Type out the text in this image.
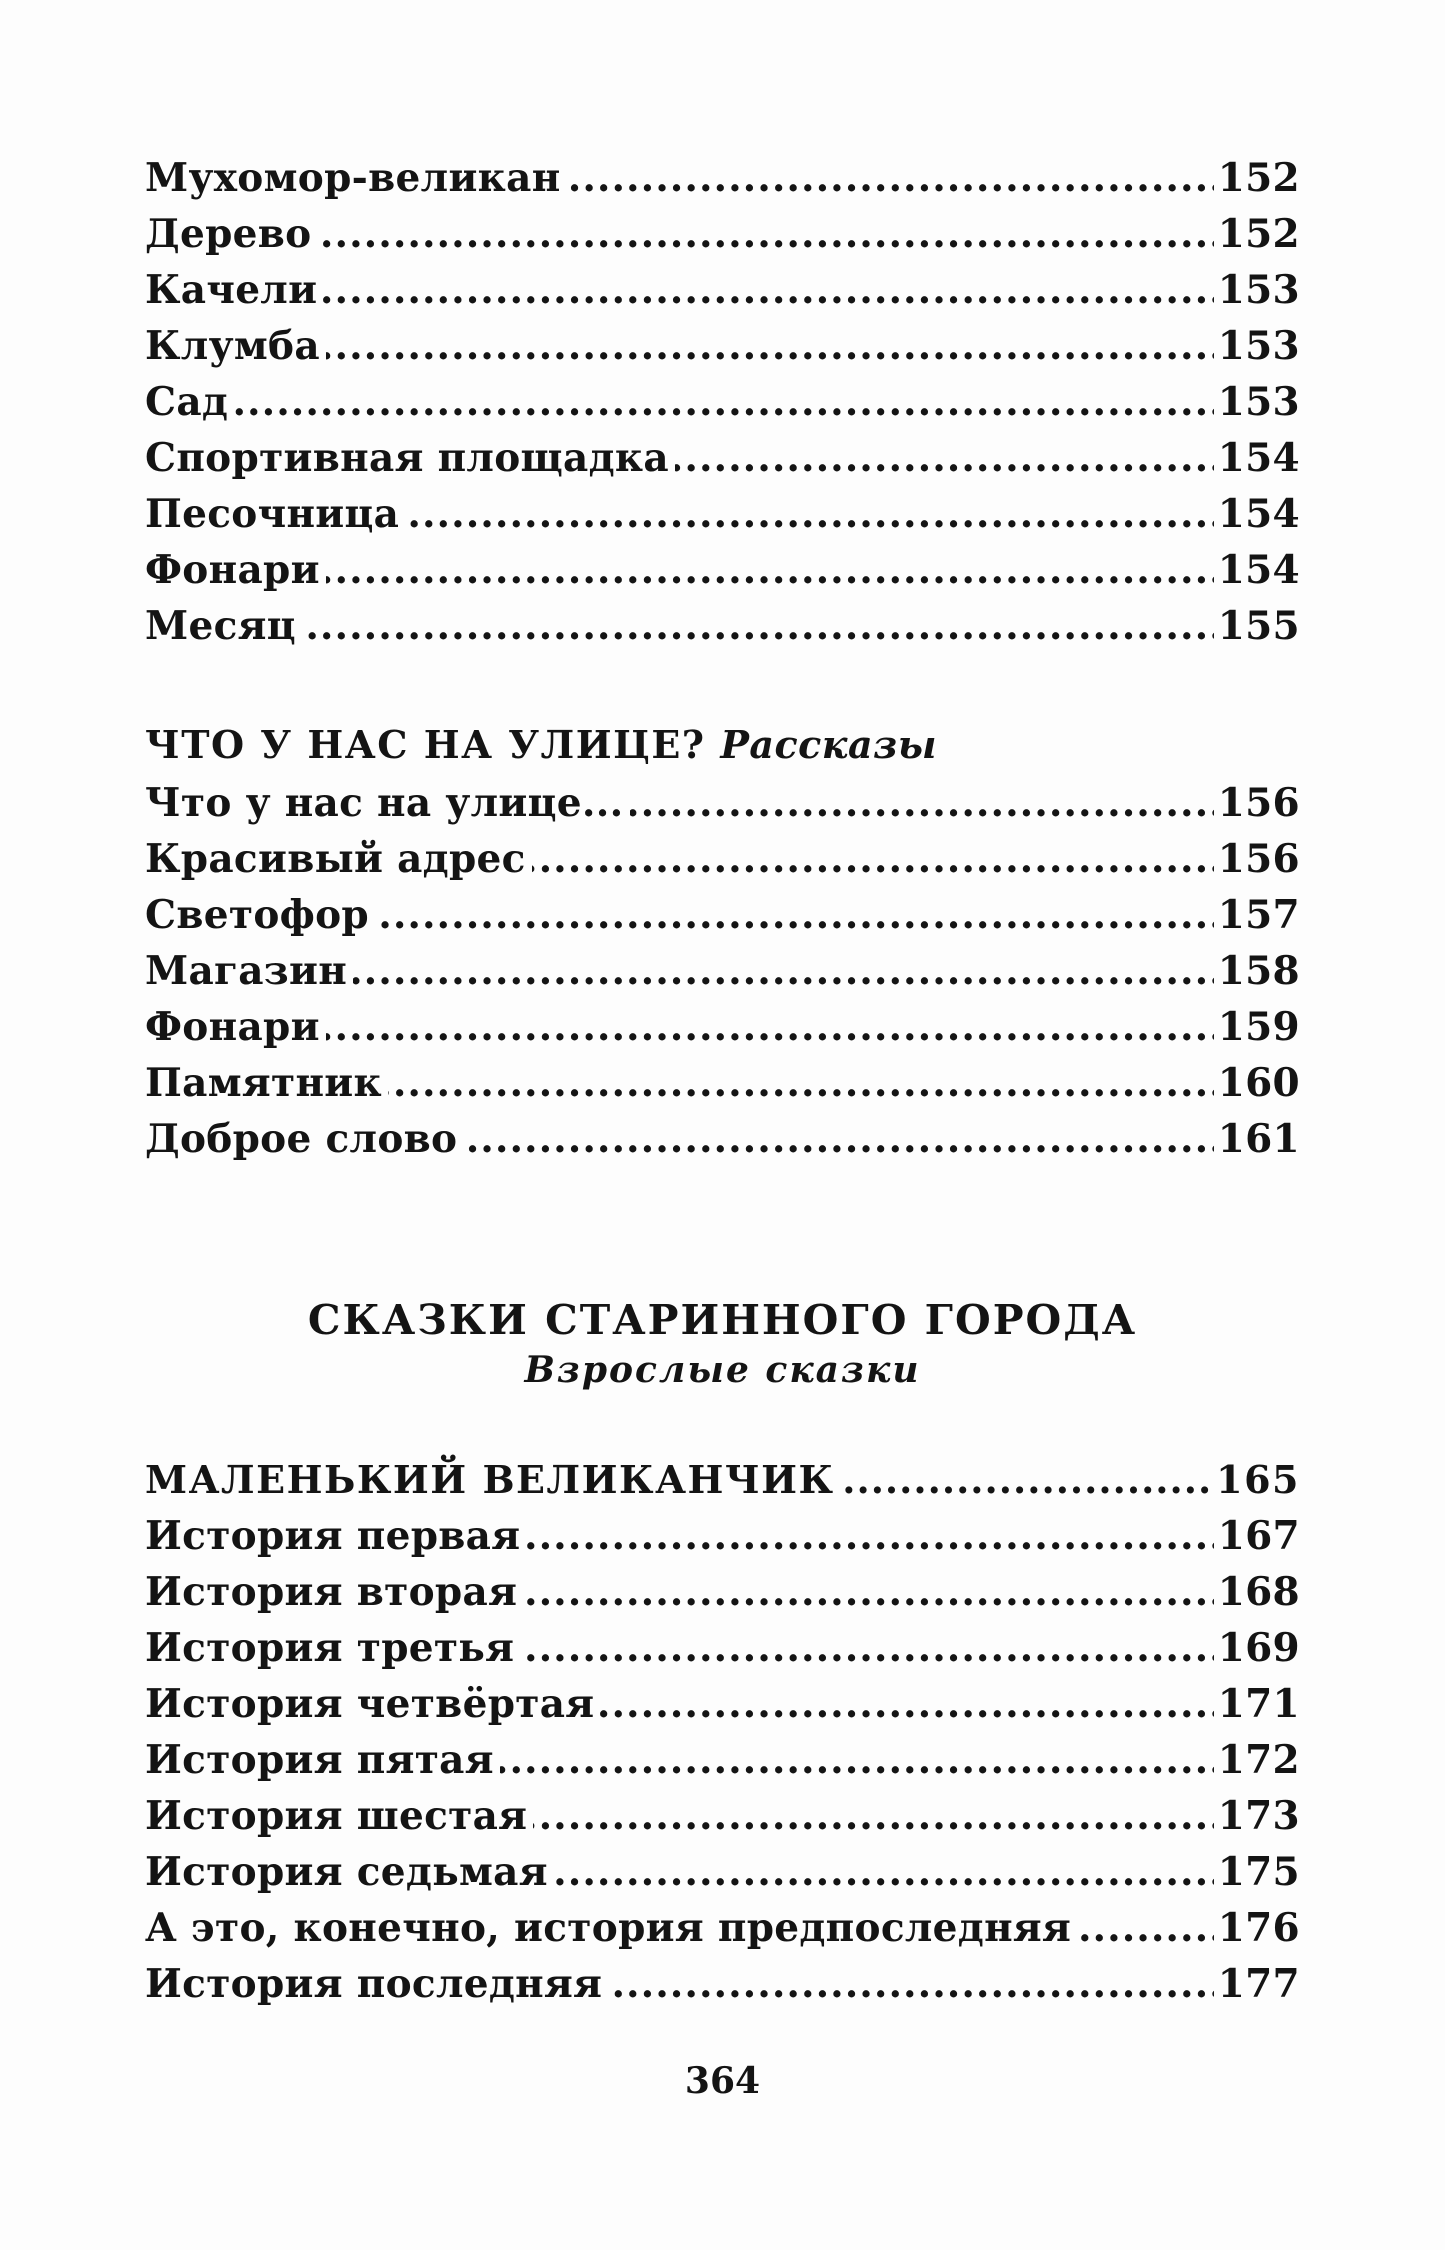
.....
Мухомор-великан	152
.....
Дерево	152
.....
Качели	153
.....
Клумба	153
.....
Сад	153
.....
Спортивная площадка	154
.....
Песочница	154
.....
Фонари	154
.....
Месяц	155
ЧТО У НАС НА УЛИЦЕ? Рассказы
.....
Что у нас на улице...	156
.....
Красивый адрес	156
.....
Светофор	157
.....
Магазин	158
.....
Фонари	159
.....
Памятник	160
.....
Доброе слово	161
СКАЗКИ СТАРИННОГО ГОРОДА
Взрослые сказки
.....
МАЛЕНЬКИЙ ВЕЛИКАНЧИК	165
.....
История первая	167
.....
История вторая	168
.....
История третья	169
.....
История четвёртая	171
.....
История пятая	172
.....
История шестая	173
.....
История седьмая	175
.....
А это, конечно, история предпоследняя	176
.....
История последняя	177
364
